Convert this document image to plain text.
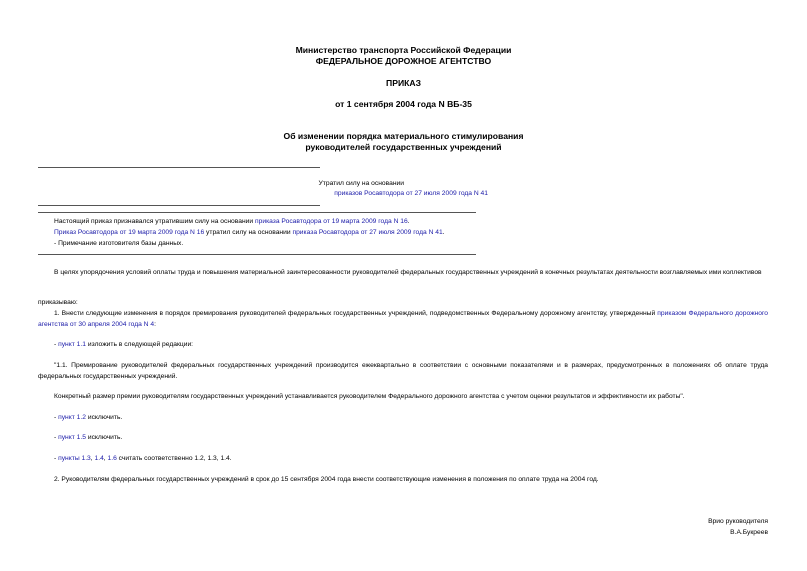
Министерство транспорта Российской Федерации
ФЕДЕРАЛЬНОЕ ДОРОЖНОЕ АГЕНТСТВО
ПРИКАЗ
от 1 сентября 2004 года N ВБ-35
Об изменении порядка материального стимулирования
руководителей государственных учреждений
Утратил силу на основании
приказов Росавтодора от 27 июля 2009 года N 41
Настоящий приказ признавался утратившим силу на основании приказа Росавтодора от 19 марта 2009 года N 16.
Приказ Росавтодора от 19 марта 2009 года N 16 утратил силу на основании приказа Росавтодора от 27 июля 2009 года N 41.
- Примечание изготовителя базы данных.
В целях упорядочения условий оплаты труда и повышения материальной заинтересованности руководителей федеральных государственных учреждений в конечных результатах деятельности возглавляемых ими коллективов
приказываю:
1. Внести следующие изменения в порядок премирования руководителей федеральных государственных учреждений, подведомственных Федеральному дорожному агентству, утвержденный приказом Федерального дорожного агентства от 30 апреля 2004 года N 4:
- пункт 1.1 изложить в следующей редакции:
"1.1. Премирование руководителей федеральных государственных учреждений производится ежеквартально в соответствии с основными показателями и в размерах, предусмотренных в положениях об оплате труда федеральных государственных учреждений.
Конкретный размер премии руководителям государственных учреждений устанавливается руководителем Федерального дорожного агентства с учетом оценки результатов и эффективности их работы".
- пункт 1.2 исключить.
- пункт 1.5 исключить.
- пункты 1.3, 1.4, 1.6 считать соответственно 1.2, 1.3, 1.4.
2. Руководителям федеральных государственных учреждений в срок до 15 сентября 2004 года внести соответствующие изменения в положения по оплате труда на 2004 год.
Врио руководителя
В.А.Букреев
